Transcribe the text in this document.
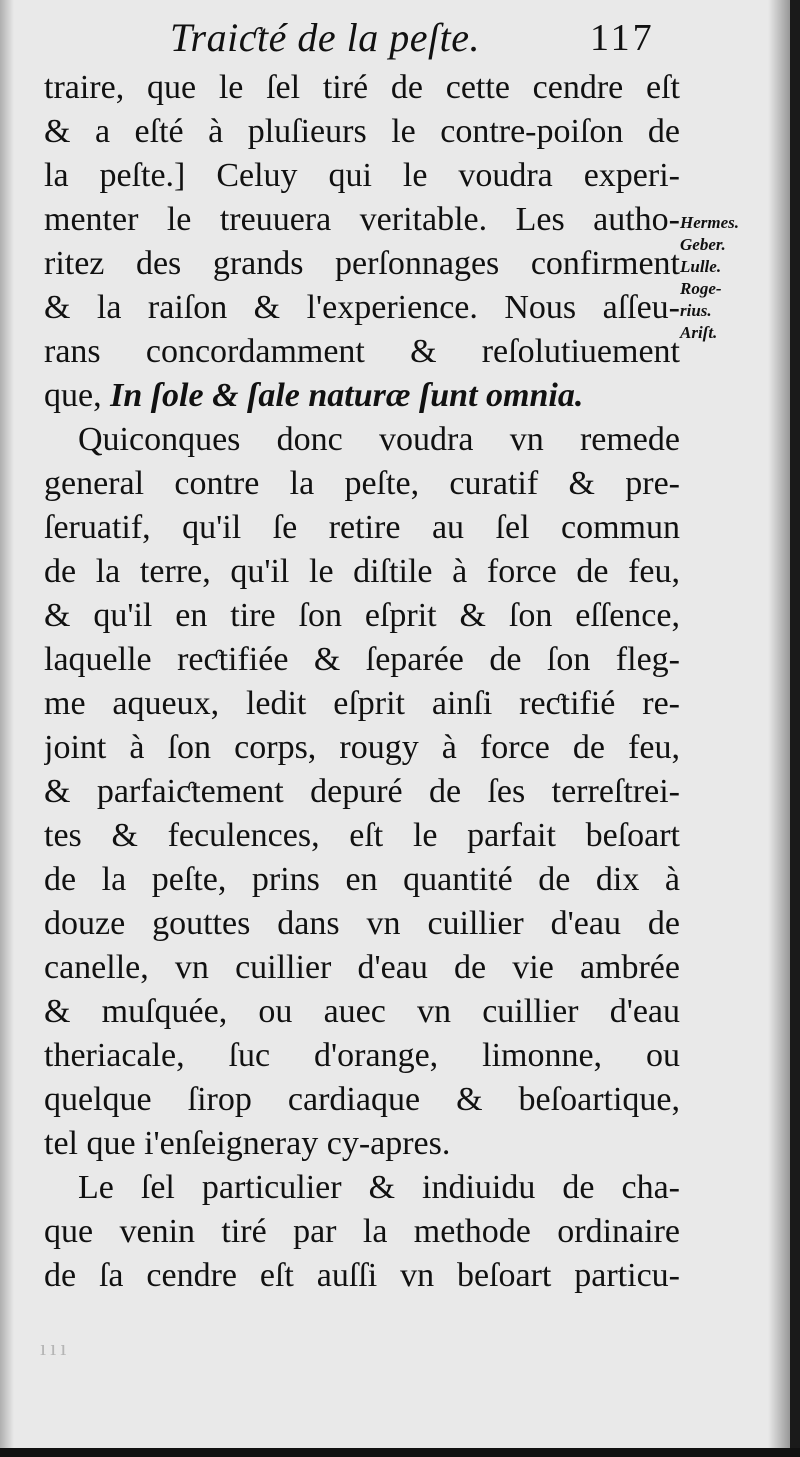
Traiƈté de la peſte.	117
traire, que le ſel tiré de cette cendre eſt
& a eſté à pluſieurs le contre-poiſon de
la peſte.] Celuy qui le voudra experi-
menter le treuuera veritable. Les autho-
ritez des grands perſonnages confirment
& la raiſon & l'experience. Nous aſſeu-
rans concordamment & reſolutiuement
que, In ſole & ſale naturæ ſunt omnia.
Quiconques donc voudra vn remede
general contre la peſte, curatif & pre-
ſeruatif, qu'il ſe retire au ſel commun
de la terre, qu'il le diſtile à force de feu,
& qu'il en tire ſon eſprit & ſon eſſence,
laquelle reƈtifiée & ſeparée de ſon fleg-
me aqueux, ledit eſprit ainſi reƈtifié re-
joint à ſon corps, rougy à force de feu,
& parfaiƈtement depuré de ſes terreſtrei-
tes & feculences, eſt le parfait beſoart
de la peſte, prins en quantité de dix à
douze gouttes dans vn cuillier d'eau de
canelle, vn cuillier d'eau de vie ambrée
& muſquée, ou auec vn cuillier d'eau
theriacale, ſuc d'orange, limonne, ou
quelque ſirop cardiaque & beſoartique,
tel que i'enſeigneray cy-apres.
Le ſel particulier & indiuidu de cha-
que venin tiré par la methode ordinaire
de ſa cendre eſt auſſi vn beſoart particu-
Hermes.
Geber.
Lulle.
Roge-
rius.
Ariſt.
ııı
